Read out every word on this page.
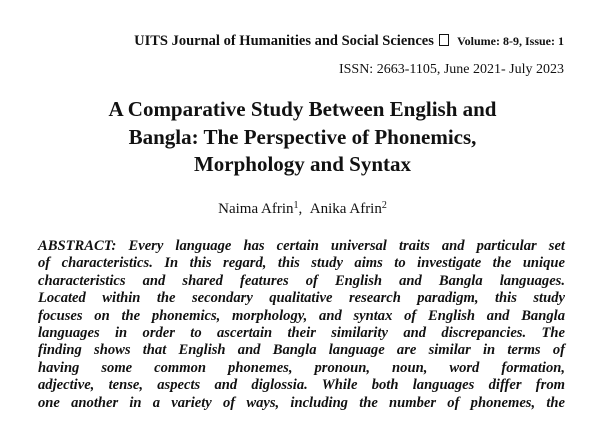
UITS Journal of Humanities and Social Sciences Volume: 8-9, Issue: 1
ISSN: 2663-1105, June 2021- July 2023
A Comparative Study Between English and
Bangla: The Perspective of Phonemics,
Morphology and Syntax
Naima Afrin$^1$,  Anika Afrin$^2$
ABSTRACT: Every language has certain universal traits and particular set
of characteristics. In this regard, this study aims to investigate the unique
characteristics and shared features of English and Bangla languages.
Located within the secondary qualitative research paradigm, this study
focuses on the phonemics, morphology, and syntax of English and Bangla
languages in order to ascertain their similarity and discrepancies. The
finding shows that English and Bangla language are similar in terms of
having some common phonemes, pronoun, noun, word formation,
adjective, tense, aspects and diglossia. While both languages differ from
one another in a variety of ways, including the number of phonemes, the
